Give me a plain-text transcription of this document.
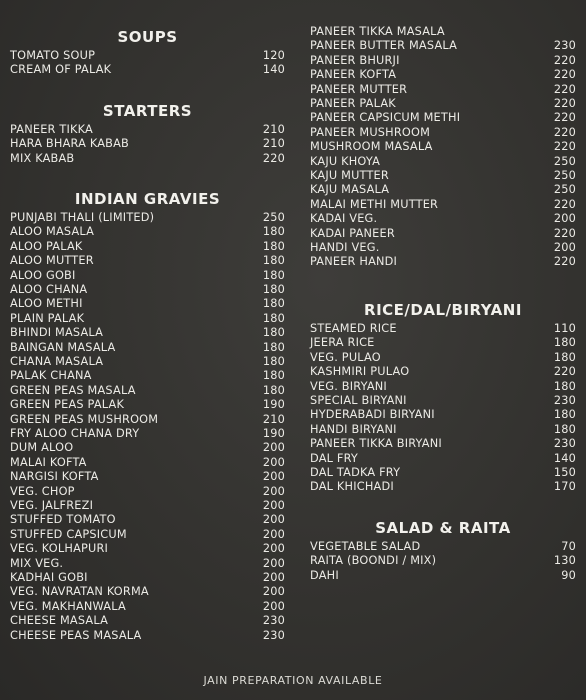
SOUPS
STARTERS
INDIAN GRAVIES
TOMATO SOUP	120
CREAM OF PALAK	140
PANEER TIKKA	210
HARA BHARA KABAB	210
MIX KABAB	220
PUNJABI THALI (LIMITED)	250
ALOO MASALA	180
ALOO PALAK	180
ALOO MUTTER	180
ALOO GOBI	180
ALOO CHANA	180
ALOO METHI	180
PLAIN PALAK	180
BHINDI MASALA	180
BAINGAN MASALA	180
CHANA MASALA	180
PALAK CHANA	180
GREEN PEAS MASALA	180
GREEN PEAS PALAK	190
GREEN PEAS MUSHROOM	210
FRY ALOO CHANA DRY	190
DUM ALOO	200
MALAI KOFTA	200
NARGISI KOFTA	200
VEG. CHOP	200
VEG. JALFREZI	200
STUFFED TOMATO	200
STUFFED CAPSICUM	200
VEG. KOLHAPURI	200
MIX VEG.	200
KADHAI GOBI	200
VEG. NAVRATAN KORMA	200
VEG. MAKHANWALA	200
CHEESE MASALA	230
CHEESE PEAS MASALA	230
RICE/DAL/BIRYANI
SALAD & RAITA
PANEER TIKKA MASALA
PANEER BUTTER MASALA	230
PANEER BHURJI	220
PANEER KOFTA	220
PANEER MUTTER	220
PANEER PALAK	220
PANEER CAPSICUM METHI	220
PANEER MUSHROOM	220
MUSHROOM MASALA	220
KAJU KHOYA	250
KAJU MUTTER	250
KAJU MASALA	250
MALAI METHI MUTTER	220
KADAI VEG.	200
KADAI PANEER	220
HANDI VEG.	200
PANEER HANDI	220
STEAMED RICE	110
JEERA RICE	180
VEG. PULAO	180
KASHMIRI PULAO	220
VEG. BIRYANI	180
SPECIAL BIRYANI	230
HYDERABADI BIRYANI	180
HANDI BIRYANI	180
PANEER TIKKA BIRYANI	230
DAL FRY	140
DAL TADKA FRY	150
DAL KHICHADI	170
VEGETABLE SALAD	70
RAITA (BOONDI / MIX)	130
DAHI	90
JAIN PREPARATION AVAILABLE
